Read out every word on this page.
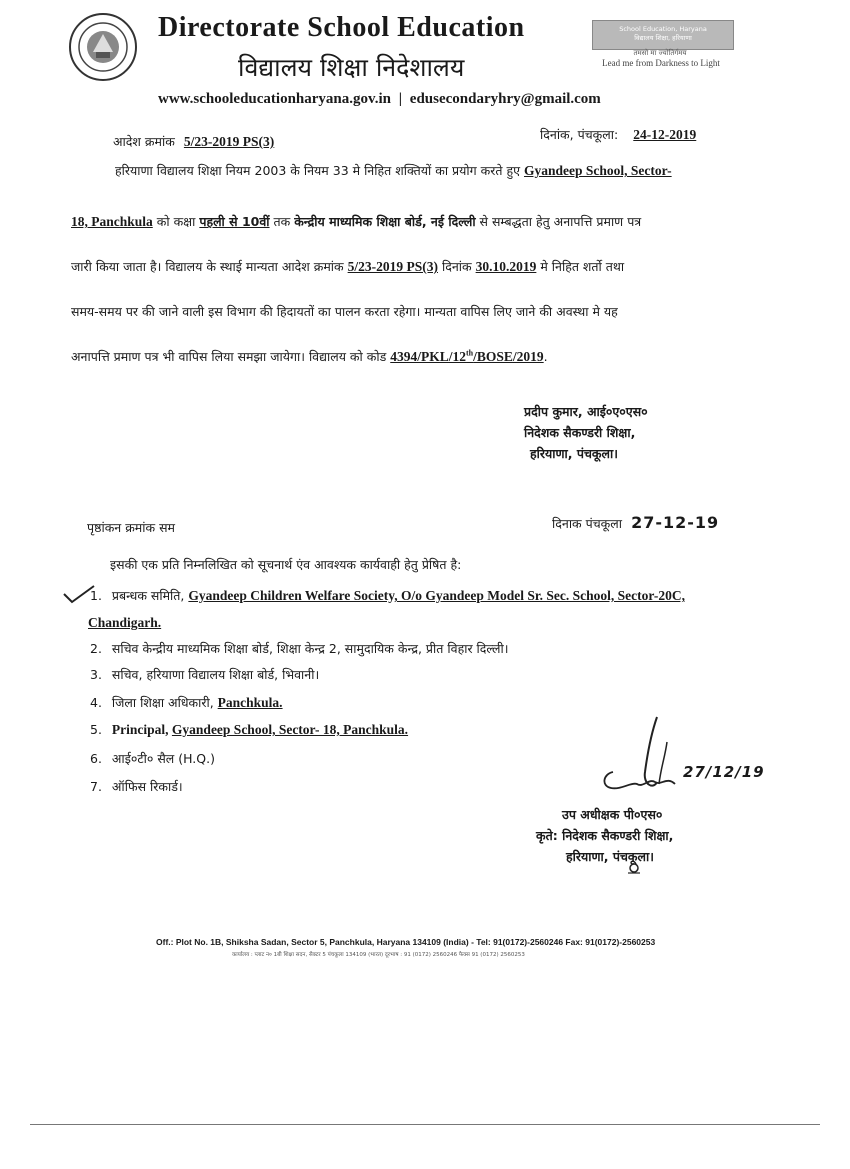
Directorate School Education
विद्यालय शिक्षा निदेशालय
School Education, Haryana
विद्यालय शिक्षा, हरियाणा
तमसो मा ज्योतिर्गमय
Lead me from Darkness to Light
www.schooleducationharyana.gov.in | edusecondaryhry@gmail.com
आदेश क्रमांक 5/23-2019 PS(3)	दिनांक, पंचकूला: 24-12-2019
हरियाणा विद्यालय शिक्षा नियम 2003 के नियम 33 मे निहित शक्तियों का प्रयोग करते हुए Gyandeep School, Sector-
18, Panchkula को कक्षा पहली से 10वीं तक केन्द्रीय माध्यमिक शिक्षा बोर्ड, नई दिल्ली से सम्बद्धता हेतु अनापत्ति प्रमाण पत्र
जारी किया जाता है। विद्यालय के स्थाई मान्यता आदेश क्रमांक 5/23-2019 PS(3) दिनांक 30.10.2019 मे निहित शर्तो तथा
समय-समय पर की जाने वाली इस विभाग की हिदायतों का पालन करता रहेगा। मान्यता वापिस लिए जाने की अवस्था मे यह
अनापत्ति प्रमाण पत्र भी वापिस लिया समझा जायेगा। विद्यालय को कोड 4394/PKL/12th/BOSE/2019.
प्रदीप कुमार, आई०ए०एस०
निदेशक सैकण्डरी शिक्षा,
हरियाणा, पंचकूला।
पृष्ठांकन क्रमांक सम	दिनाक पंचकूला 27-12-19
इसकी एक प्रति निम्नलिखित को सूचनार्थ एंव आवश्यक कार्यवाही हेतु प्रेषित है:
1. प्रबन्धक समिति, Gyandeep Children Welfare Society, O/o Gyandeep Model Sr. Sec. School, Sector-20C,
Chandigarh.
2. सचिव केन्द्रीय माध्यमिक शिक्षा बोर्ड, शिक्षा केन्द्र 2, सामुदायिक केन्द्र, प्रीत विहार दिल्ली।
3. सचिव, हरियाणा विद्यालय शिक्षा बोर्ड, भिवानी।
4. जिला शिक्षा अधिकारी, Panchkula.
5. Principal, Gyandeep School, Sector- 18, Panchkula.
6. आई०टी० सैल (H.Q.)
7. ऑफिस रिकार्ड।
27/12/19
उप अधीक्षक पी०एस०
कृते: निदेशक सैकण्डरी शिक्षा,
हरियाणा, पंचकूला।
Off.: Plot No. 1B, Shiksha Sadan, Sector 5, Panchkula, Haryana 134109 (India) - Tel: 91(0172)-2560246 Fax: 91(0172)-2560253
कार्यालय : प्लाट न० 1बी शिक्षा सदन, सैक्टर 5 पंचकूला 134109 (भारत) दूरभाष : 91 (0172) 2560246 फैक्स 91 (0172) 2560253
